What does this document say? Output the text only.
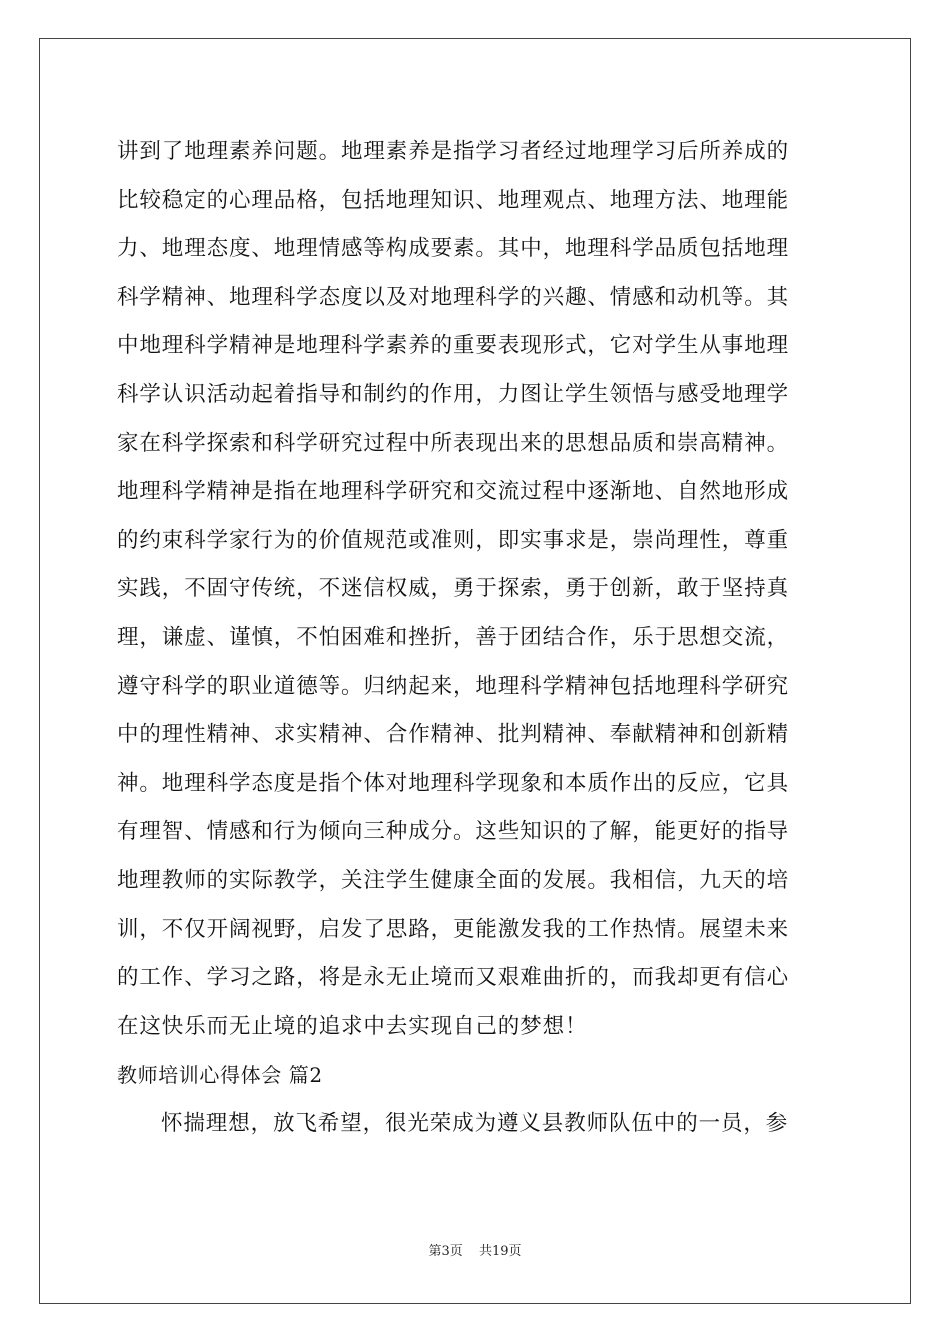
讲到了地理素养问题。地理素养是指学习者经过地理学习后所养成的
比较稳定的心理品格，包括地理知识、地理观点、地理方法、地理能
力、地理态度、地理情感等构成要素。其中，地理科学品质包括地理
科学精神、地理科学态度以及对地理科学的兴趣、情感和动机等。其
中地理科学精神是地理科学素养的重要表现形式，它对学生从事地理
科学认识活动起着指导和制约的作用，力图让学生领悟与感受地理学
家在科学探索和科学研究过程中所表现出来的思想品质和崇高精神。
地理科学精神是指在地理科学研究和交流过程中逐渐地、自然地形成
的约束科学家行为的价值规范或准则，即实事求是，崇尚理性，尊重
实践，不固守传统，不迷信权威，勇于探索，勇于创新，敢于坚持真
理，谦虚、谨慎，不怕困难和挫折，善于团结合作，乐于思想交流，
遵守科学的职业道德等。归纳起来，地理科学精神包括地理科学研究
中的理性精神、求实精神、合作精神、批判精神、奉献精神和创新精
神。地理科学态度是指个体对地理科学现象和本质作出的反应，它具
有理智、情感和行为倾向三种成分。这些知识的了解，能更好的指导
地理教师的实际教学，关注学生健康全面的发展。我相信，九天的培
训，不仅开阔视野，启发了思路，更能激发我的工作热情。展望未来
的工作、学习之路，将是永无止境而又艰难曲折的，而我却更有信心
在这快乐而无止境的追求中去实现自己的梦想！
教师培训心得体会 篇2
怀揣理想，放飞希望，很光荣成为遵义县教师队伍中的一员，参
第3页 共19页
